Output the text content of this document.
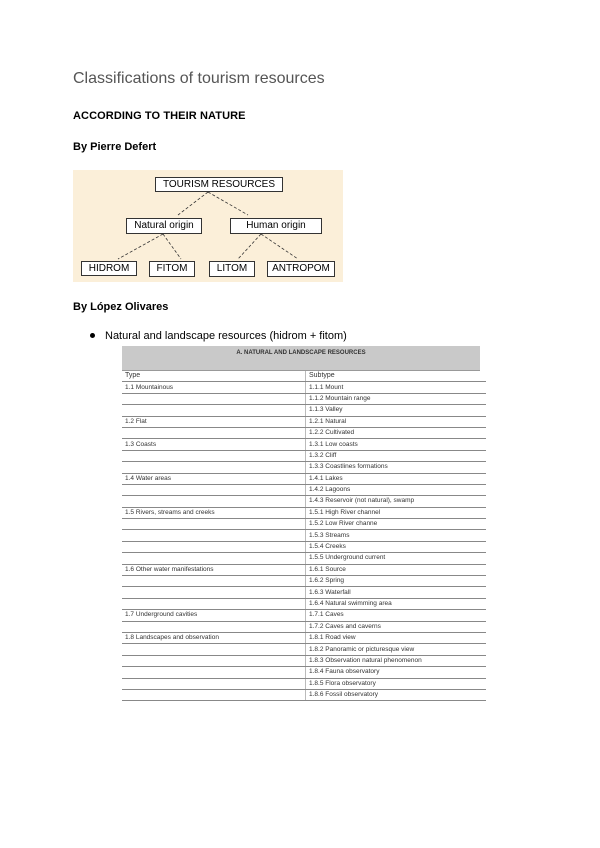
Classifications of tourism resources
ACCORDING TO THEIR NATURE
By Pierre Defert
TOURISM RESOURCES
Natural origin	Human origin
HIDROM	FITOM	LITOM	ANTROPOM
By López Olivares
Natural and landscape resources (hidrom + fitom)
A. NATURAL AND LANDSCAPE RESOURCES
Type	Subtype
1.1 Mountainous	1.1.1 Mount
	1.1.2 Mountain range
	1.1.3 Valley
1.2 Flat	1.2.1 Natural
	1.2.2 Cultivated
1.3 Coasts	1.3.1 Low coasts
	1.3.2 Cliff
	1.3.3 Coastlines formations
1.4 Water areas	1.4.1 Lakes
	1.4.2 Lagoons
	1.4.3 Reservoir (not natural), swamp
1.5 Rivers, streams and creeks	1.5.1 High River channel
	1.5.2 Low River channe
	1.5.3 Streams
	1.5.4 Creeks
	1.5.5 Underground current
1.6 Other water manifestations	1.6.1 Source
	1.6.2 Spring
	1.6.3 Waterfall
	1.6.4 Natural swimming area
1.7 Underground cavities	1.7.1 Caves
	1.7.2 Caves and caverns
1.8 Landscapes and observation	1.8.1 Road view
	1.8.2 Panoramic or picturesque view
	1.8.3 Observation natural phenomenon
	1.8.4 Fauna observatory
	1.8.5 Flora observatory
	1.8.6 Fossil observatory
